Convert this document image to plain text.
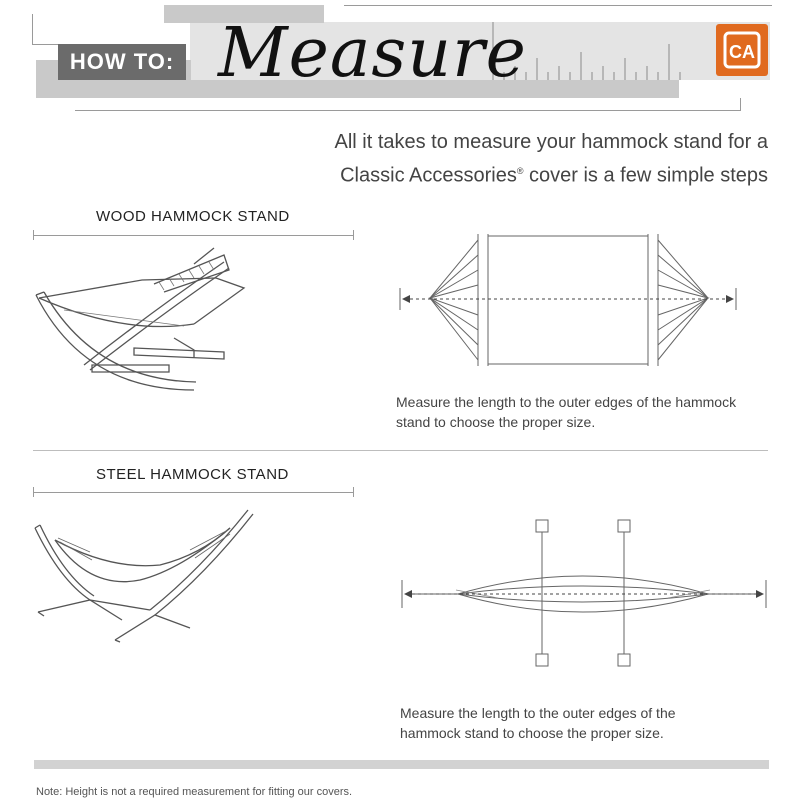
HOW TO: Measure	CA
All it takes to measure your hammock stand for a
Classic Accessories® cover is a few simple steps
WOOD HAMMOCK STAND
Measure the length to the outer edges of the hammock
stand to choose the proper size.
STEEL HAMMOCK STAND
Measure the length to the outer edges of the
hammock stand to choose the proper size.
Note: Height is not a required measurement for fitting our covers.
